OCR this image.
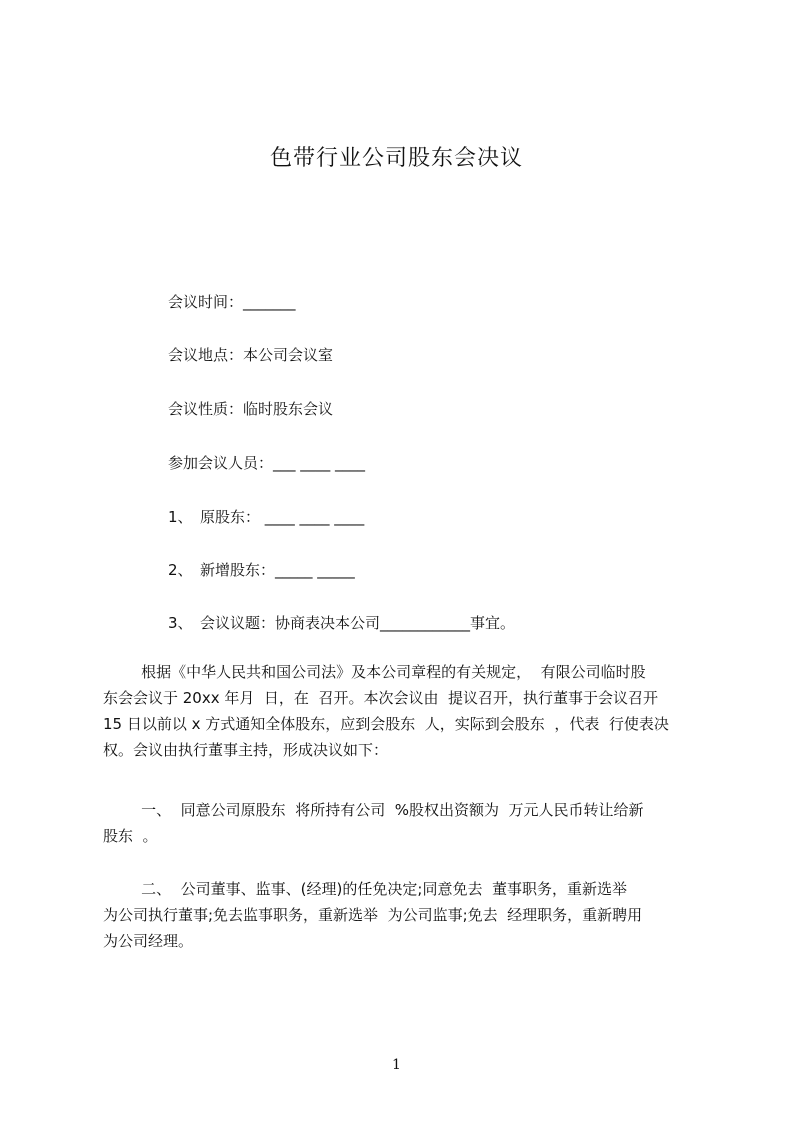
色带行业公司股东会决议

会议时间：_______

会议地点：本公司会议室

会议性质：临时股东会议

参加会议人员：___ ____ ____

1、 原股东： ____ ____ ____

2、 新增股东：_____ _____

3、 会议议题：协商表决本公司____________事宜。

根据《中华人民共和国公司法》及本公司章程的有关规定，  有限公司临时股
东会会议于 20xx 年月  日，在  召开。本次会议由  提议召开，执行董事于会议召开
15 日以前以 x 方式通知全体股东，应到会股东  人，实际到会股东  ，代表  行使表决
权。会议由执行董事主持，形成决议如下：
一、  同意公司原股东  将所持有公司  %股权出资额为  万元人民币转让给新
股东  。
二、  公司董事、监事、(经理)的任免决定;同意免去  董事职务，重新选举
为公司执行董事;免去监事职务，重新选举  为公司监事;免去  经理职务，重新聘用
为公司经理。
1
